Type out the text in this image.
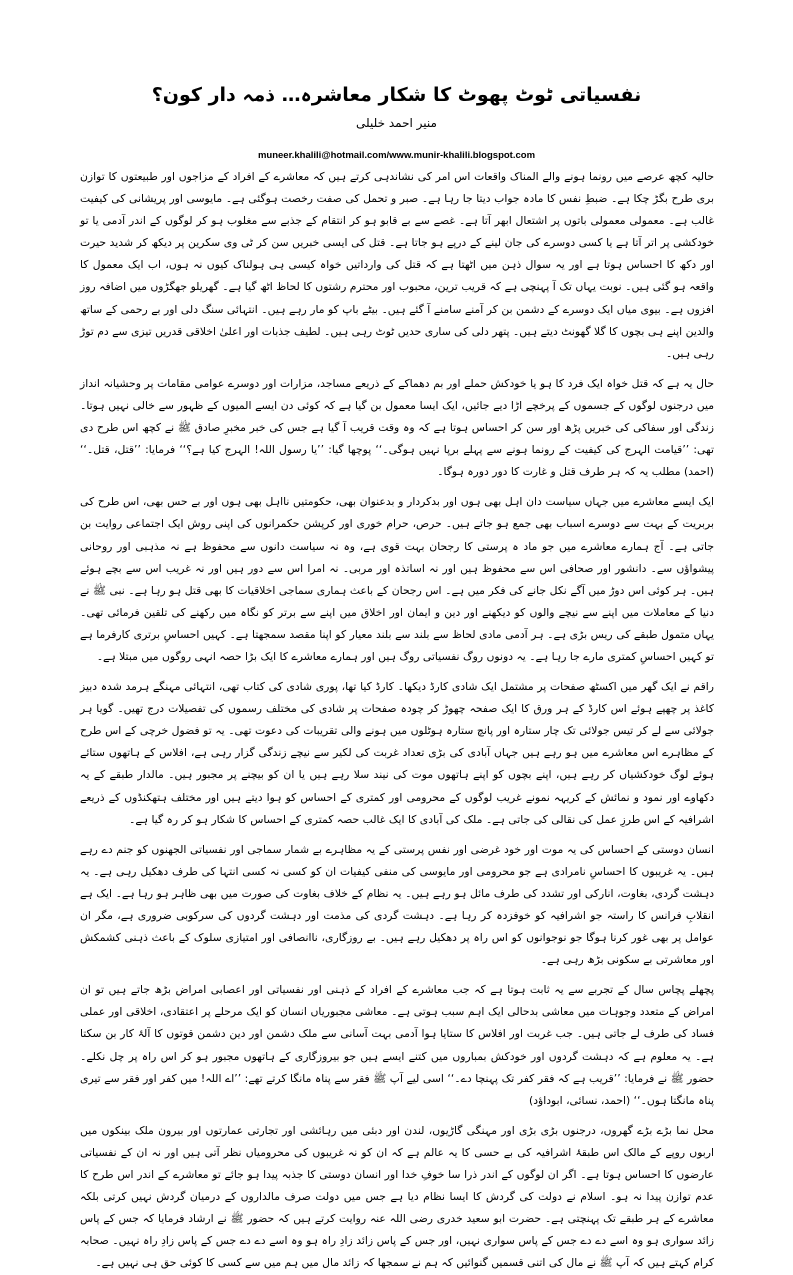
نفسیاتی ٹوٹ پھوٹ کا شکار معاشرہ… ذمہ دار کون؟
منیر احمد خلیلی
muneer.khalili@hotmail.com/www.munir-khalili.blogspot.com

حالیہ کچھ عرصے میں رونما ہونے والے المناک واقعات اس امر کی نشاندہی کرتے ہیں کہ معاشرے کے افراد کے مزاجوں اور طبیعتوں کا توازن بری طرح بگڑ چکا ہے۔ ضبطِ نفس کا مادہ جواب دیتا جا رہا ہے۔ صبر و تحمل کی صفت رخصت ہوگئی ہے۔ مایوسی اور پریشانی کی کیفیت غالب ہے۔ معمولی معمولی باتوں پر اشتعال ابھر آتا ہے۔ غصے سے بے قابو ہو کر انتقام کے جذبے سے مغلوب ہو کر لوگوں کے اندر آدمی یا تو خودکشی پر اتر آتا ہے یا کسی دوسرے کی جان لینے کے درپے ہو جاتا ہے۔ قتل کی ایسی خبریں سن کر ٹی وی سکرین پر دیکھ کر شدید حیرت اور دکھ کا احساس ہوتا ہے اور یہ سوال ذہن میں اٹھتا ہے کہ قتل کی وارداتیں خواہ کیسی ہی ہولناک کیوں نہ ہوں، اب ایک معمول کا واقعہ ہو گئی ہیں۔ نوبت یہاں تک آ پہنچی ہے کہ قریب ترین، محبوب اور محترم رشتوں کا لحاظ اٹھ گیا ہے۔ گھریلو جھگڑوں میں اضافہ روز افزوں ہے۔ بیوی میاں ایک دوسرے کے دشمن بن کر آمنے سامنے آ گئے ہیں۔ بیٹے باپ کو مار رہے ہیں۔ انتہائی سنگ دلی اور بے رحمی کے ساتھ والدین اپنے ہی بچوں کا گلا گھونٹ دیتے ہیں۔ پتھر دلی کی ساری حدیں ٹوٹ رہی ہیں۔ لطیف جذبات اور اعلیٰ اخلاقی قدریں تیزی سے دم توڑ رہی ہیں۔

حال یہ ہے کہ قتل خواہ ایک فرد کا ہو یا خودکش حملے اور بم دھماکے کے ذریعے مساجد، مزارات اور دوسرے عوامی مقامات پر وحشیانہ انداز میں درجنوں لوگوں کے جسموں کے پرخچے اڑا دیے جائیں، ایک ایسا معمول بن گیا ہے کہ کوئی دن ایسے المیوں کے ظہور سے خالی نہیں ہوتا۔ زندگی اور سفاکی کی خبریں پڑھ اور سن کر احساس ہوتا ہے کہ وہ وقت قریب آ گیا ہے جس کی خبر مخبرِ صادق ﷺ نے کچھ اس طرح دی تھی: ’’قیامت الہرج کی کیفیت کے رونما ہونے سے پہلے برپا نہیں ہوگی۔‘‘ پوچھا گیا: ’’یا رسول اللہ! الہرج کیا ہے؟‘‘ فرمایا: ’’قتل، قتل۔‘‘ (احمد) مطلب یہ کہ ہر طرف قتل و غارت کا دور دورہ ہوگا۔

ایک ایسے معاشرے میں جہاں سیاست دان اہل بھی ہوں اور بدکردار و بدعنوان بھی، حکومتیں نااہل بھی ہوں اور بے حس بھی، اس طرح کی بربریت کے بہت سے دوسرے اسباب بھی جمع ہو جاتے ہیں۔ حرص، حرام خوری اور کرپشن حکمرانوں کی اپنی روش ایک اجتماعی روایت بن جاتی ہے۔ آج ہمارے معاشرے میں جو ماد ہ پرستی کا رجحان بہت قوی ہے، وہ نہ سیاست دانوں سے محفوظ ہے نہ مذہبی اور روحانی پیشواؤں سے۔ دانشور اور صحافی اس سے محفوظ ہیں اور نہ اساتذہ اور مربی۔ نہ امرا اس سے دور ہیں اور نہ غریب اس سے بچے ہوئے ہیں۔ ہر کوئی اس دوڑ میں آگے نکل جانے کی فکر میں ہے۔ اس رجحان کے باعث ہماری سماجی اخلاقیات کا بھی قتل ہو رہا ہے۔ نبی ﷺ نے دنیا کے معاملات میں اپنے سے نیچے والوں کو دیکھنے اور دین و ایمان اور اخلاق میں اپنے سے برتر کو نگاہ میں رکھنے کی تلقین فرمائی تھی۔ یہاں متمول طبقے کی ریس بڑی ہے۔ ہر آدمی مادی لحاظ سے بلند سے بلند معیار کو اپنا مقصد سمجھتا ہے۔ کہیں احساسِ برتری کارفرما ہے تو کہیں احساسِ کمتری مارے جا رہا ہے۔ یہ دونوں روگ نفسیاتی روگ ہیں اور ہمارے معاشرے کا ایک بڑا حصہ انہی روگوں میں مبتلا ہے۔

راقم نے ایک گھر میں اکسٹھ صفحات پر مشتمل ایک شادی کارڈ دیکھا۔ کارڈ کیا تھا، پوری شادی کی کتاب تھی، انتہائی مہنگے ہرمد شدہ دبیز کاغذ پر چھپے ہوئے اس کارڈ کے ہر ورق کا ایک صفحہ چھوڑ کر چودہ صفحات پر شادی کی مختلف رسموں کی تفصیلات درج تھیں۔ گویا ہر جولائی سے لے کر تیس جولائی تک چار ستارہ اور پانچ ستارہ ہوٹلوں میں ہونے والی تقریبات کی دعوت تھی۔ یہ تو فضول خرچی کے اس طرح کے مظاہرے اس معاشرے میں ہو رہے ہیں جہاں آبادی کی بڑی تعداد غربت کی لکیر سے نیچے زندگی گزار رہی ہے، افلاس کے ہاتھوں ستائے ہوئے لوگ خودکشیاں کر رہے ہیں، اپنے بچوں کو اپنے ہاتھوں موت کی نیند سلا رہے ہیں یا ان کو بیچنے پر مجبور ہیں۔ مالدار طبقے کے یہ دکھاوے اور نمود و نمائش کے کریہہ نمونے غریب لوگوں کے محرومی اور کمتری کے احساس کو ہوا دیتے ہیں اور مختلف ہتھکنڈوں کے ذریعے اشرافیہ کے اس طرزِ عمل کی نقالی کی جاتی ہے۔ ملک کی آبادی کا ایک غالب حصہ کمتری کے احساس کا شکار ہو کر رہ گیا ہے۔

انسان دوستی کے احساس کی یہ موت اور خود غرضی اور نفس پرستی کے یہ مظاہرے بے شمار سماجی اور نفسیاتی الجھنوں کو جنم دے رہے ہیں۔ یہ غریبوں کا احساسِ نامرادی ہے جو محرومی اور مایوسی کی منفی کیفیات ان کو کسی نہ کسی انتہا کی طرف دھکیل رہی ہے۔ یہ دہشت گردی، بغاوت، انارکی اور تشدد کی طرف مائل ہو رہے ہیں۔ یہ نظام کے خلاف بغاوت کی صورت میں بھی ظاہر ہو رہا ہے۔ ایک ہے انقلابِ فرانس کا راستہ جو اشرافیہ کو خوفزدہ کر رہا ہے۔ دہشت گردی کی مذمت اور دہشت گردوں کی سرکوبی ضروری ہے، مگر ان عوامل پر بھی غور کرنا ہوگا جو نوجوانوں کو اس راہ پر دھکیل رہے ہیں۔ بے روزگاری، ناانصافی اور امتیازی سلوک کے باعث ذہنی کشمکش اور معاشرتی بے سکونی بڑھ رہی ہے۔

پچھلے پچاس سال کے تجربے سے یہ ثابت ہوتا ہے کہ جب معاشرے کے افراد کے ذہنی اور نفسیاتی اور اعصابی امراض بڑھ جاتے ہیں تو ان امراض کے متعدد وجوہات میں معاشی بدحالی ایک اہم سبب ہوتی ہے۔ معاشی مجبوریاں انسان کو ایک مرحلے پر اعتقادی، اخلاقی اور عملی فساد کی طرف لے جاتی ہیں۔ جب غربت اور افلاس کا ستایا ہوا آدمی بہت آسانی سے ملک دشمن اور دین دشمن قوتوں کا آلۂ کار بن سکتا ہے۔ یہ معلوم ہے کہ دہشت گردوں اور خودکش بمباروں میں کتنے ایسے ہیں جو بیروزگاری کے ہاتھوں مجبور ہو کر اس راہ پر چل نکلے۔ حضور ﷺ نے فرمایا: ’’قریب ہے کہ فقر کفر تک پہنچا دے۔‘‘ اسی لیے آپ ﷺ فقر سے پناہ مانگا کرتے تھے: ’’اے اللہ! میں کفر اور فقر سے تیری پناہ مانگتا ہوں۔‘‘ (احمد، نسائی، ابوداؤد)

محل نما بڑے بڑے گھروں، درجنوں بڑی بڑی اور مہنگی گاڑیوں، لندن اور دبئی میں رہائشی اور تجارتی عمارتوں اور بیرون ملک بینکوں میں اربوں روپے کے مالک اس طبقۂ اشرافیہ کی بے حسی کا یہ عالم ہے کہ ان کو نہ غریبوں کی محرومیاں نظر آتی ہیں اور نہ ان کے نفسیاتی عارضوں کا احساس ہوتا ہے۔ اگر ان لوگوں کے اندر ذرا سا خوفِ خدا اور انسان دوستی کا جذبہ پیدا ہو جائے تو معاشرے کے اندر اس طرح کا عدم توازن پیدا نہ ہو۔ اسلام نے دولت کی گردش کا ایسا نظام دیا ہے جس میں دولت صرف مالداروں کے درمیان گردش نہیں کرتی بلکہ معاشرے کے ہر طبقے تک پہنچتی ہے۔ حضرت ابو سعید خدری رضی اللہ عنہ روایت کرتے ہیں کہ حضور ﷺ نے ارشاد فرمایا کہ جس کے پاس زائد سواری ہو وہ اسے دے دے جس کے پاس سواری نہیں، اور جس کے پاس زائد زادِ راہ ہو وہ اسے دے دے جس کے پاس زادِ راہ نہیں۔ صحابہ کرام کہتے ہیں کہ آپ ﷺ نے مال کی اتنی قسمیں گنوائیں کہ ہم نے سمجھا کہ زائد مال میں ہم میں سے کسی کا کوئی حق ہی نہیں ہے۔
